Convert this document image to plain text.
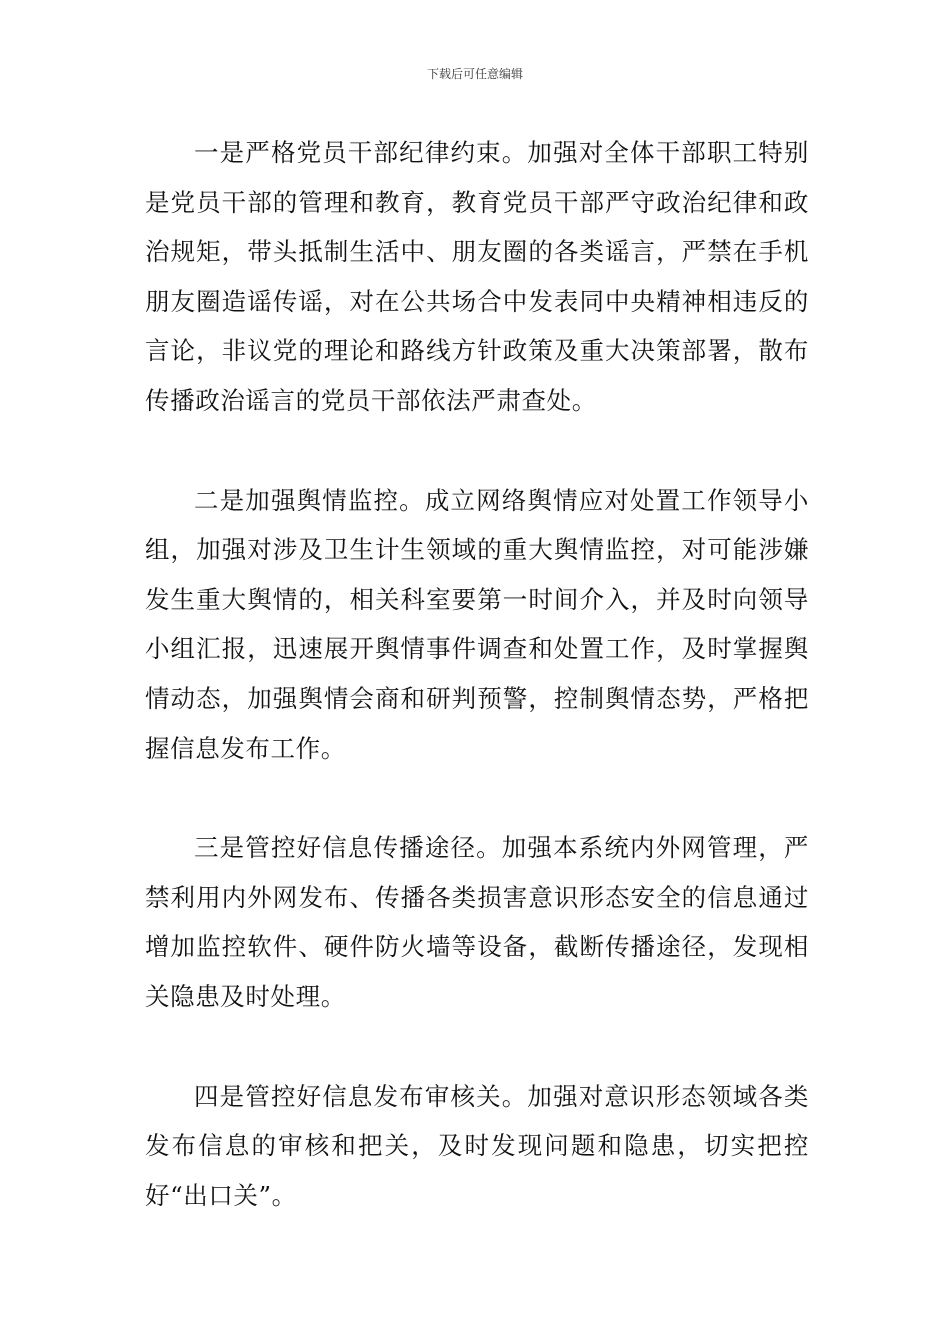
下载后可任意编辑

一是严格党员干部纪律约束。加强对全体干部职工特别是党员干部的管理和教育，教育党员干部严守政治纪律和政治规矩，带头抵制生活中、朋友圈的各类谣言，严禁在手机朋友圈造谣传谣，对在公共场合中发表同中央精神相违反的言论，非议党的理论和路线方针政策及重大决策部署，散布传播政治谣言的党员干部依法严肃查处。

二是加强舆情监控。成立网络舆情应对处置工作领导小组，加强对涉及卫生计生领域的重大舆情监控，对可能涉嫌发生重大舆情的，相关科室要第一时间介入，并及时向领导小组汇报，迅速展开舆情事件调查和处置工作，及时掌握舆情动态，加强舆情会商和研判预警，控制舆情态势，严格把握信息发布工作。

三是管控好信息传播途径。加强本系统内外网管理，严禁利用内外网发布、传播各类损害意识形态安全的信息通过增加监控软件、硬件防火墙等设备，截断传播途径，发现相关隐患及时处理。

四是管控好信息发布审核关。加强对意识形态领域各类发布信息的审核和把关，及时发现问题和隐患，切实把控好“出口关”。
